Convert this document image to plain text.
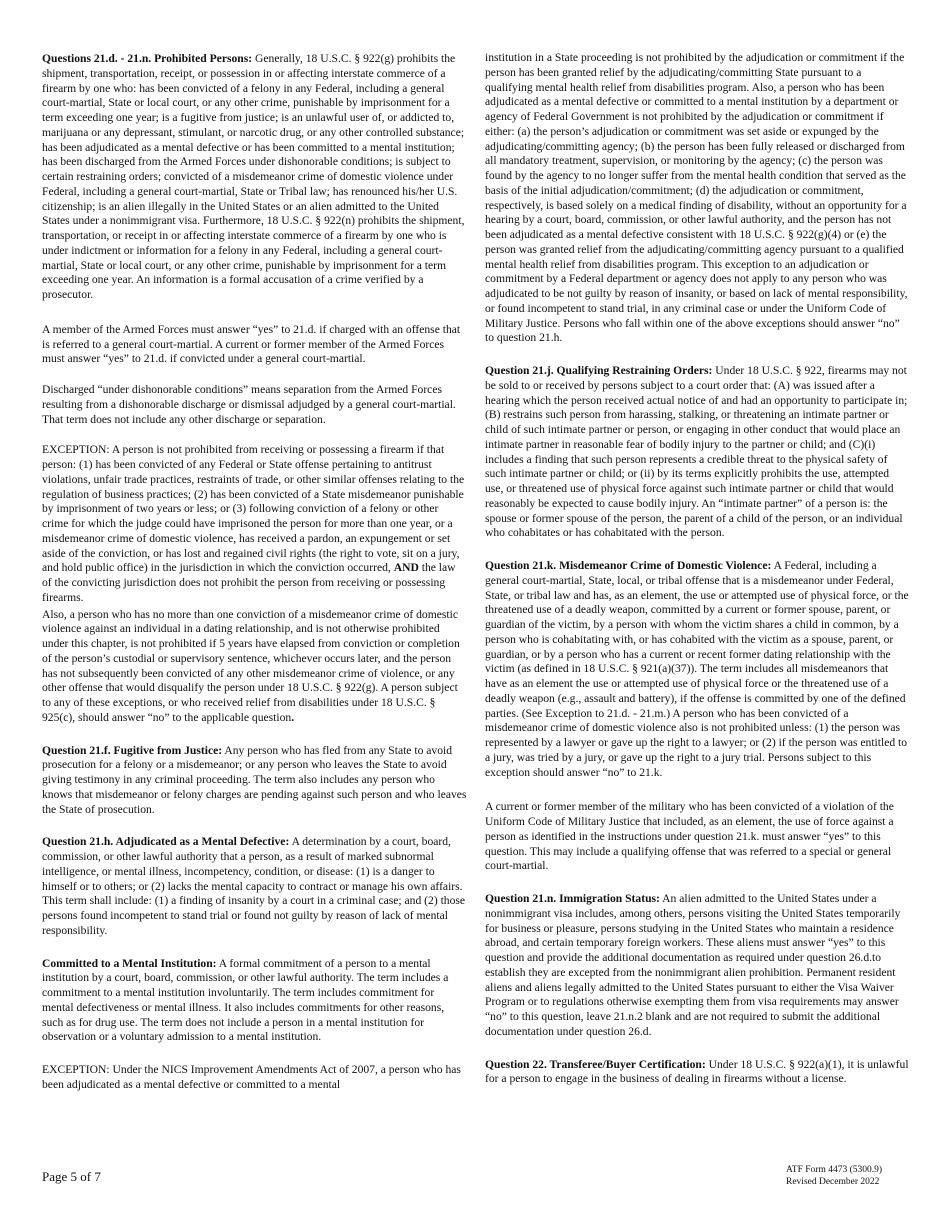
Questions 21.d. - 21.n. Prohibited Persons: Generally, 18 U.S.C. § 922(g) prohibits the shipment, transportation, receipt, or possession in or affecting interstate commerce of a firearm by one who: has been convicted of a felony in any Federal, including a general court-martial, State or local court, or any other crime, punishable by imprisonment for a term exceeding one year; is a fugitive from justice; is an unlawful user of, or addicted to, marijuana or any depressant, stimulant, or narcotic drug, or any other controlled substance; has been adjudicated as a mental defective or has been committed to a mental institution; has been discharged from the Armed Forces under dishonorable conditions; is subject to certain restraining orders; convicted of a misdemeanor crime of domestic violence under Federal, including a general court-martial, State or Tribal law; has renounced his/her U.S. citizenship; is an alien illegally in the United States or an alien admitted to the United States under a nonimmigrant visa. Furthermore, 18 U.S.C. § 922(n) prohibits the shipment, transportation, or receipt in or affecting interstate commerce of a firearm by one who is under indictment or information for a felony in any Federal, including a general court-martial, State or local court, or any other crime, punishable by imprisonment for a term exceeding one year. An information is a formal accusation of a crime verified by a prosecutor.

A member of the Armed Forces must answer “yes” to 21.d. if charged with an offense that is referred to a general court-martial. A current or former member of the Armed Forces must answer “yes” to 21.d. if convicted under a general court-martial.

Discharged “under dishonorable conditions” means separation from the Armed Forces resulting from a dishonorable discharge or dismissal adjudged by a general court-martial. That term does not include any other discharge or separation.

EXCEPTION: A person is not prohibited from receiving or possessing a firearm if that person: (1) has been convicted of any Federal or State offense pertaining to antitrust violations, unfair trade practices, restraints of trade, or other similar offenses relating to the regulation of business practices; (2) has been convicted of a State misdemeanor punishable by imprisonment of two years or less; or (3) following conviction of a felony or other crime for which the judge could have imprisoned the person for more than one year, or a misdemeanor crime of domestic violence, has received a pardon, an expungement or set aside of the conviction, or has lost and regained civil rights (the right to vote, sit on a jury, and hold public office) in the jurisdiction in which the conviction occurred, AND the law of the convicting jurisdiction does not prohibit the person from receiving or possessing firearms.

Also, a person who has no more than one conviction of a misdemeanor crime of domestic violence against an individual in a dating relationship, and is not otherwise prohibited under this chapter, is not prohibited if 5 years have elapsed from conviction or completion of the person’s custodial or supervisory sentence, whichever occurs later, and the person has not subsequently been convicted of any other misdemeanor crime of violence, or any other offense that would disqualify the person under 18 U.S.C. § 922(g). A person subject to any of these exceptions, or who received relief from disabilities under 18 U.S.C. § 925(c), should answer “no” to the applicable question.

Question 21.f. Fugitive from Justice: Any person who has fled from any State to avoid prosecution for a felony or a misdemeanor; or any person who leaves the State to avoid giving testimony in any criminal proceeding. The term also includes any person who knows that misdemeanor or felony charges are pending against such person and who leaves the State of prosecution.

Question 21.h. Adjudicated as a Mental Defective: A determination by a court, board, commission, or other lawful authority that a person, as a result of marked subnormal intelligence, or mental illness, incompetency, condition, or disease: (1) is a danger to himself or to others; or (2) lacks the mental capacity to contract or manage his own affairs. This term shall include: (1) a finding of insanity by a court in a criminal case; and (2) those persons found incompetent to stand trial or found not guilty by reason of lack of mental responsibility.

Committed to a Mental Institution: A formal commitment of a person to a mental institution by a court, board, commission, or other lawful authority. The term includes a commitment to a mental institution involuntarily. The term includes commitment for mental defectiveness or mental illness. It also includes commitments for other reasons, such as for drug use. The term does not include a person in a mental institution for observation or a voluntary admission to a mental institution.

EXCEPTION: Under the NICS Improvement Amendments Act of 2007, a person who has been adjudicated as a mental defective or committed to a mental

institution in a State proceeding is not prohibited by the adjudication or commitment if the person has been granted relief by the adjudicating/committing State pursuant to a qualifying mental health relief from disabilities program. Also, a person who has been adjudicated as a mental defective or committed to a mental institution by a department or agency of Federal Government is not prohibited by the adjudication or commitment if either: (a) the person’s adjudication or commitment was set aside or expunged by the adjudicating/committing agency; (b) the person has been fully released or discharged from all mandatory treatment, supervision, or monitoring by the agency; (c) the person was found by the agency to no longer suffer from the mental health condition that served as the basis of the initial adjudication/commitment; (d) the adjudication or commitment, respectively, is based solely on a medical finding of disability, without an opportunity for a hearing by a court, board, commission, or other lawful authority, and the person has not been adjudicated as a mental defective consistent with 18 U.S.C. § 922(g)(4) or (e) the person was granted relief from the adjudicating/committing agency pursuant to a qualified mental health relief from disabilities program. This exception to an adjudication or commitment by a Federal department or agency does not apply to any person who was adjudicated to be not guilty by reason of insanity, or based on lack of mental responsibility, or found incompetent to stand trial, in any criminal case or under the Uniform Code of Military Justice. Persons who fall within one of the above exceptions should answer “no” to question 21.h.

Question 21.j. Qualifying Restraining Orders: Under 18 U.S.C. § 922, firearms may not be sold to or received by persons subject to a court order that: (A) was issued after a hearing which the person received actual notice of and had an opportunity to participate in; (B) restrains such person from harassing, stalking, or threatening an intimate partner or child of such intimate partner or person, or engaging in other conduct that would place an intimate partner in reasonable fear of bodily injury to the partner or child; and (C)(i) includes a finding that such person represents a credible threat to the physical safety of such intimate partner or child; or (ii) by its terms explicitly prohibits the use, attempted use, or threatened use of physical force against such intimate partner or child that would reasonably be expected to cause bodily injury. An “intimate partner” of a person is: the spouse or former spouse of the person, the parent of a child of the person, or an individual who cohabitates or has cohabitated with the person.

Question 21.k. Misdemeanor Crime of Domestic Violence: A Federal, including a general court-martial, State, local, or tribal offense that is a misdemeanor under Federal, State, or tribal law and has, as an element, the use or attempted use of physical force, or the threatened use of a deadly weapon, committed by a current or former spouse, parent, or guardian of the victim, by a person with whom the victim shares a child in common, by a person who is cohabitating with, or has cohabited with the victim as a spouse, parent, or guardian, or by a person who has a current or recent former dating relationship with the victim (as defined in 18 U.S.C. § 921(a)(37)). The term includes all misdemeanors that have as an element the use or attempted use of physical force or the threatened use of a deadly weapon (e.g., assault and battery), if the offense is committed by one of the defined parties. (See Exception to 21.d. - 21.m.) A person who has been convicted of a misdemeanor crime of domestic violence also is not prohibited unless: (1) the person was represented by a lawyer or gave up the right to a lawyer; or (2) if the person was entitled to a jury, was tried by a jury, or gave up the right to a jury trial. Persons subject to this exception should answer “no” to 21.k.

A current or former member of the military who has been convicted of a violation of the Uniform Code of Military Justice that included, as an element, the use of force against a person as identified in the instructions under question 21.k. must answer “yes” to this question. This may include a qualifying offense that was referred to a special or general court-martial.

Question 21.n. Immigration Status: An alien admitted to the United States under a nonimmigrant visa includes, among others, persons visiting the United States temporarily for business or pleasure, persons studying in the United States who maintain a residence abroad, and certain temporary foreign workers. These aliens must answer “yes” to this question and provide the additional documentation as required under question 26.d.to establish they are excepted from the nonimmigrant alien prohibition. Permanent resident aliens and aliens legally admitted to the United States pursuant to either the Visa Waiver Program or to regulations otherwise exempting them from visa requirements may answer “no” to this question, leave 21.n.2 blank and are not required to submit the additional documentation under question 26.d.

Question 22. Transferee/Buyer Certification: Under 18 U.S.C. § 922(a)(1), it is unlawful for a person to engage in the business of dealing in firearms without a license.

Page 5 of 7	ATF Form 4473 (5300.9)
Revised December 2022
